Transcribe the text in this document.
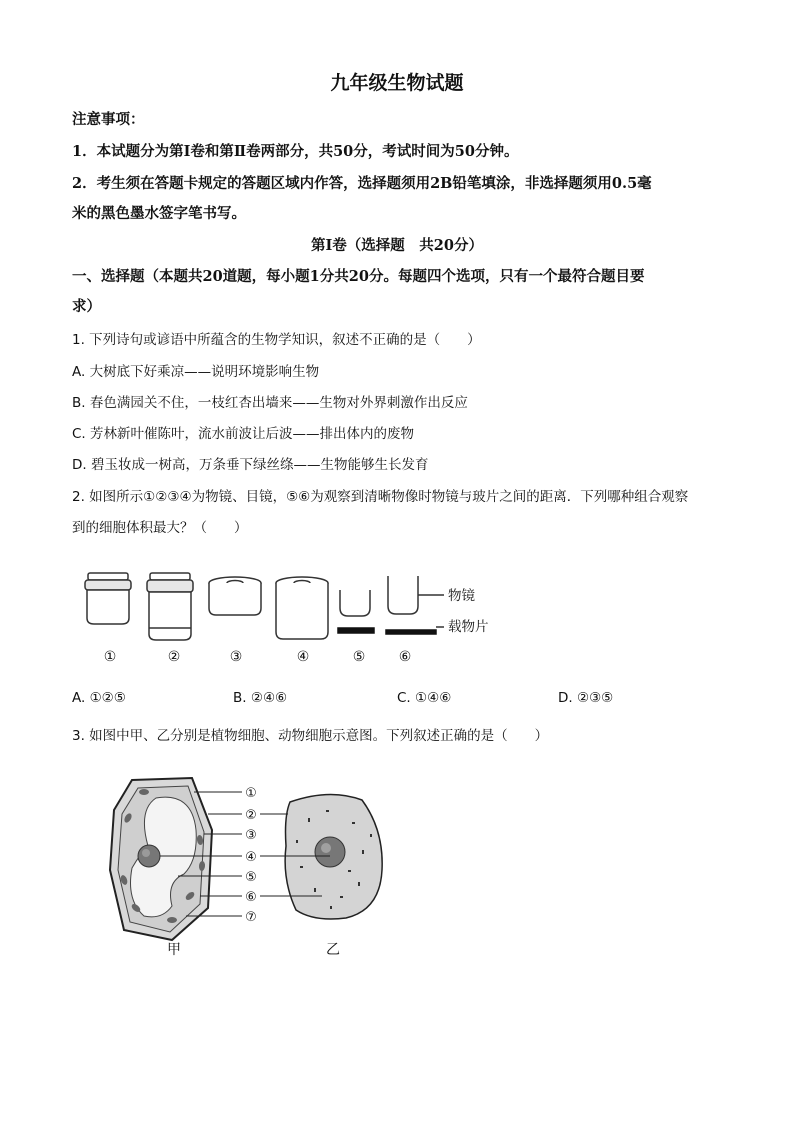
九年级生物试题
注意事项：
1．本试题分为第Ⅰ卷和第Ⅱ卷两部分，共50分，考试时间为50分钟。
2．考生须在答题卡规定的答题区域内作答，选择题须用2B铅笔填涂，非选择题须用0.5毫
米的黑色墨水签字笔书写。
第Ⅰ卷（选择题　共20分）
一、选择题（本题共20道题，每小题1分共20分。每题四个选项，只有一个最符合题目要
求）
1. 下列诗句或谚语中所蕴含的生物学知识，叙述不正确的是（　　）
A. 大树底下好乘凉——说明环境影响生物
B. 春色满园关不住，一枝红杏出墙来——生物对外界刺激作出反应
C. 芳林新叶催陈叶，流水前波让后波——排出体内的废物
D. 碧玉妆成一树高，万条垂下绿丝绦——生物能够生长发育
2. 如图所示①②③④为物镜、目镜，⑤⑥为观察到清晰物像时物镜与玻片之间的距离．下列哪种组合观察
到的细胞体积最大？（　　）
物镜
载物片
①	②	③	④	⑤ ⑥
A. ①②⑤	B. ②④⑥	C. ①④⑥	D. ②③⑤
3. 如图中甲、乙分别是植物细胞、动物细胞示意图。下列叙述正确的是（　　）
①
②
③
④
⑤
⑥
⑦
甲	乙
